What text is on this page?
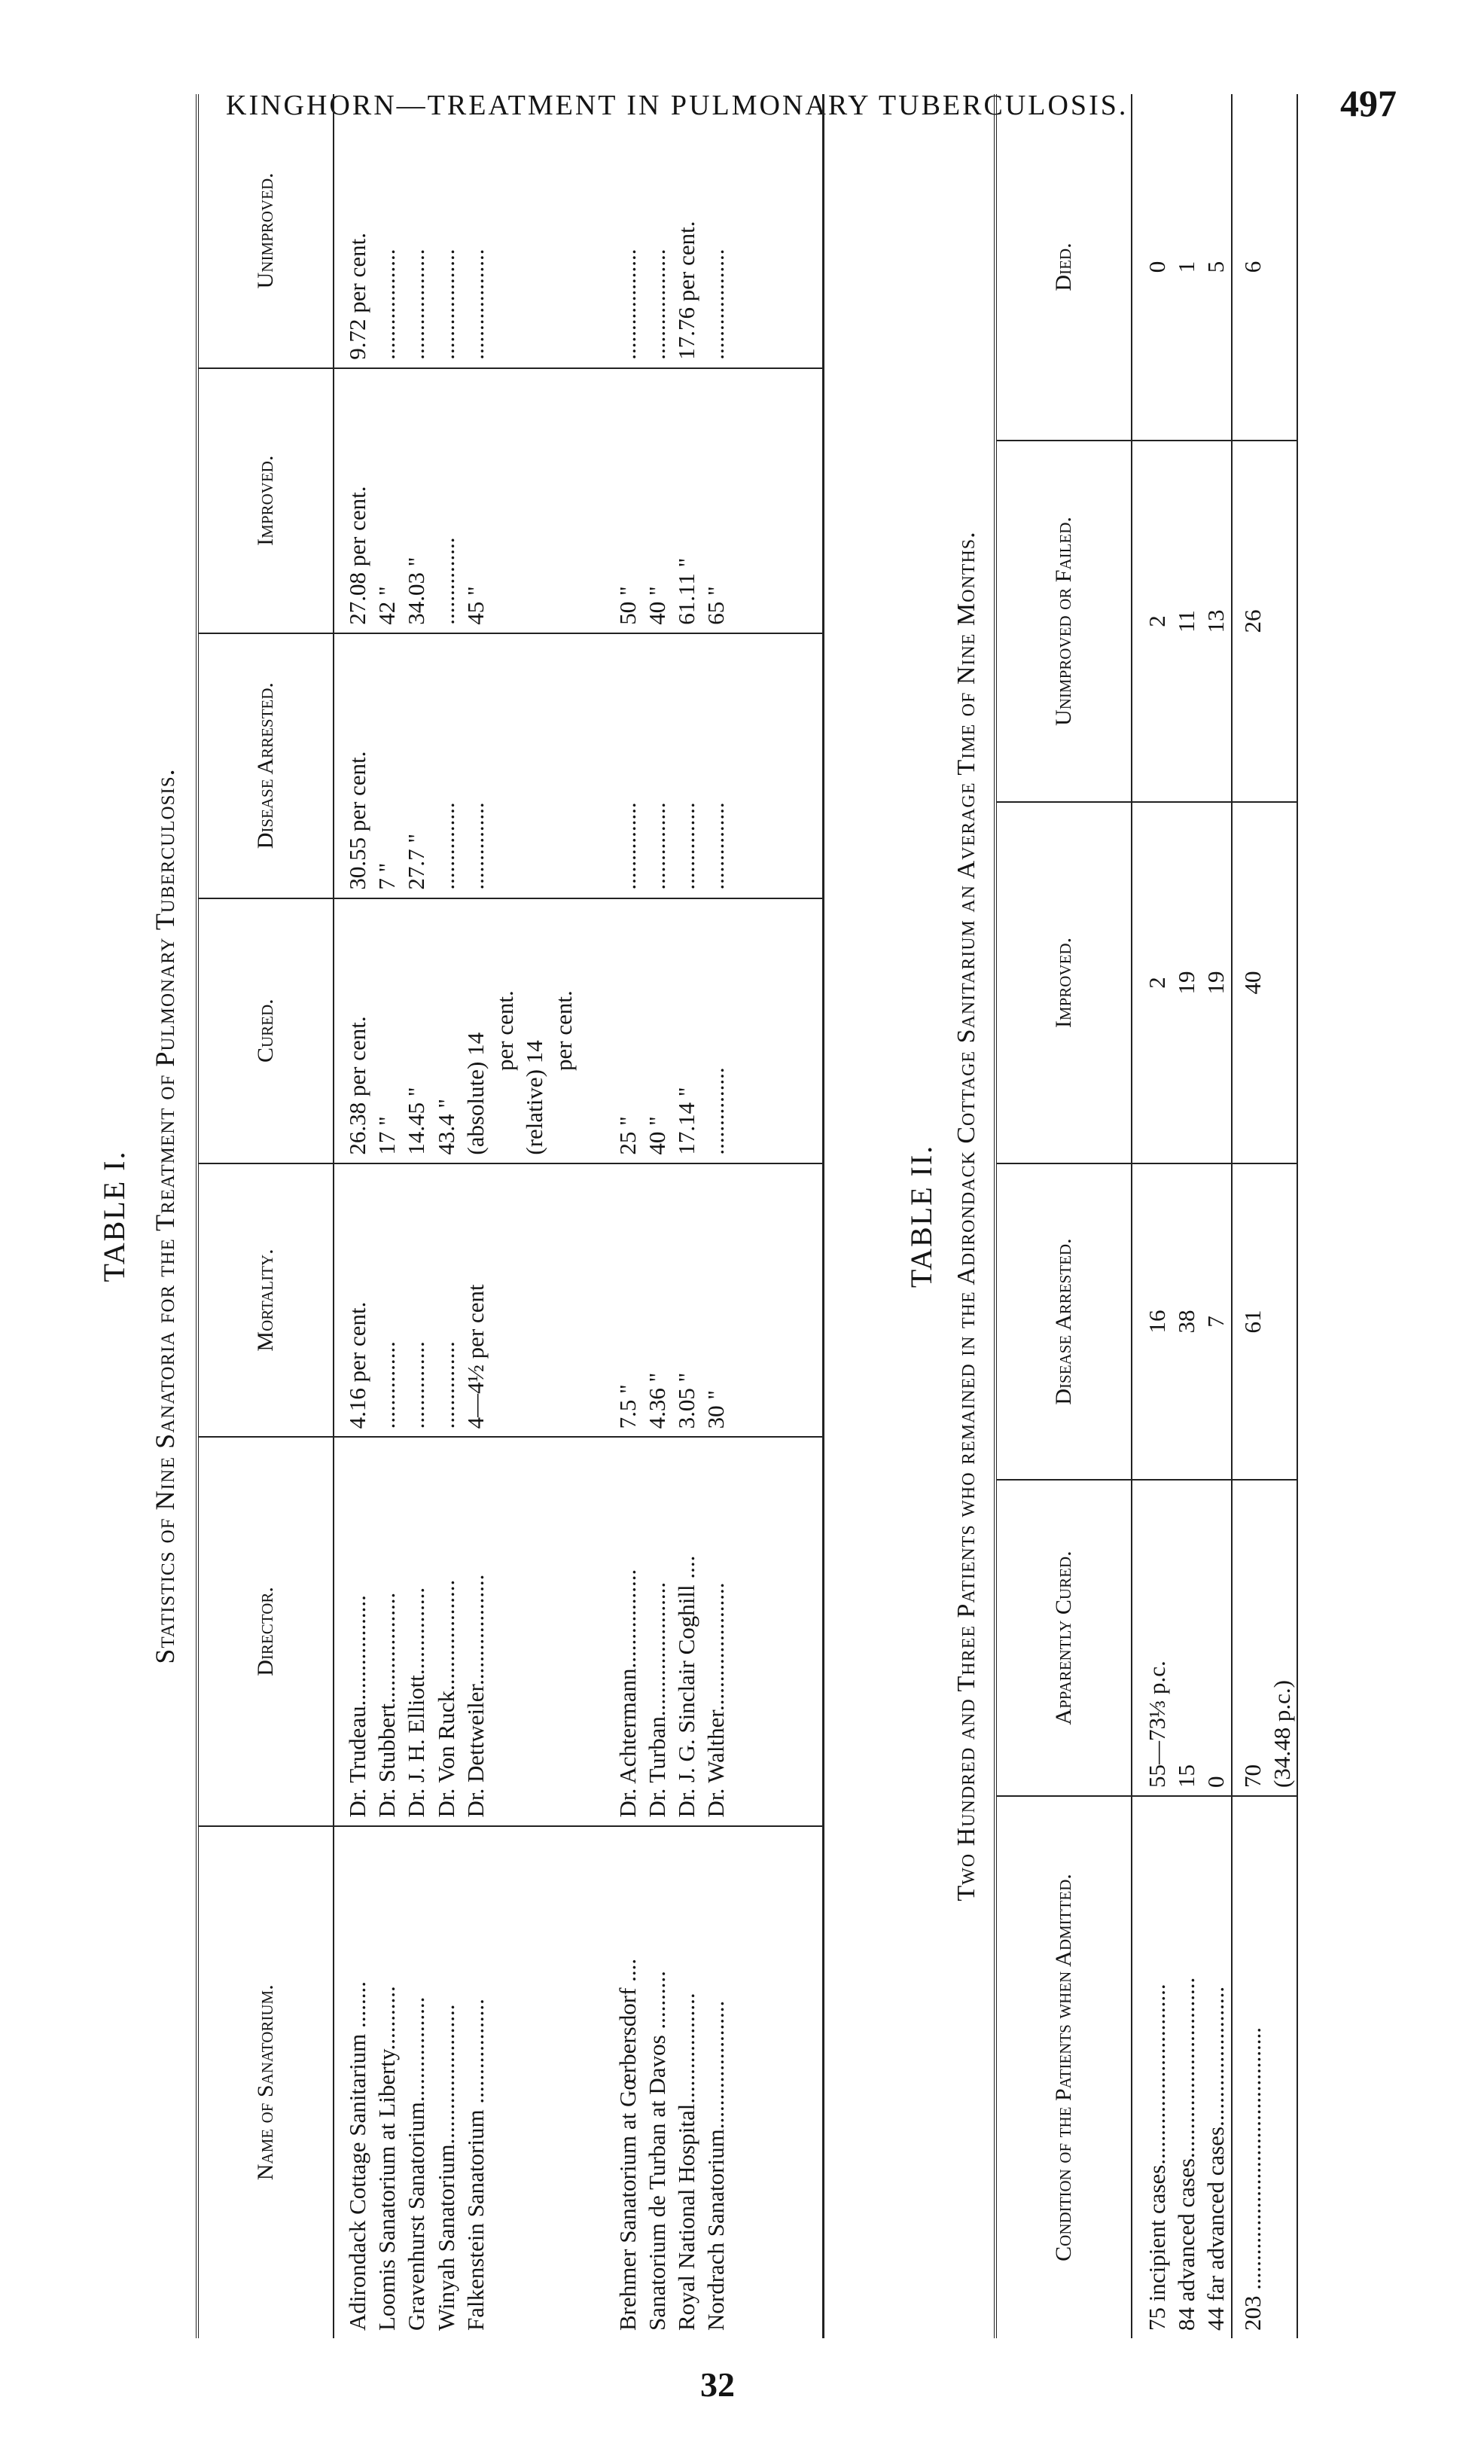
KINGHORN—TREATMENT IN PULMONARY TUBERCULOSIS.	497
TABLE I. Statistics of Nine Sanatoria for the Treatment of Pulmonary Tuberculosis.
Name of Sanatorium.	Director.	Mortality.	Cured.	Disease Arrested.	Improved.	Unimproved.
Adirondack Cottage Sanitarium ........	Dr. Trudeau...................	4.16 per cent.	26.38 per cent.	30.55 per cent.	27.08 per cent.	9.72 per cent.
Loomis Sanatorium at Liberty...........	Dr. Stubbert...................	...............	17 "	7 "	42 "	...................
Gravenhurst Sanatorium..................	Dr. J. H. Elliott...............	...............	14.45 "	27.7 "	34.03 "	...................
Winyah Sanatorium........................	Dr. Von Ruck...................	...............	43.4 "	...............	...............	...................
Falkenstein Sanatorium ..................	Dr. Dettweiler...................	4—4½ per cent	(absolute) 14	...............	45 "	...................
			per cent.			
			(relative) 14			
			per cent.			
Brehmer Sanatorium at Gœrbersdorf ....	Dr. Achtermann.................	7.5 "	25 "	...............	50 "	...................
Sanatorium de Turban at Davos ..........	Dr. Turban.......................	4.36 "	40 "	...............	40 "	...................
Royal National Hospital...................	Dr. J. G. Sinclair Coghill ....	3.05 "	17.14 "	...............	61.11 "	17.76 per cent.
Nordrach Sanatorium......................	Dr. Walther......................	30 "	...............	...............	65 "	...................

TABLE II. Two Hundred and Three Patients who remained in the Adirondack Cottage Sanitarium an Average Time of Nine Months.
Condition of the Patients when Admitted.	Apparently Cured.	Disease Arrested.	Improved.	Unimproved or Failed.	Died.
75 incipient cases...............................	55—73⅓ p.c.	16	2	2	0
84 advanced cases...............................	15	38	19	11	1
44 far advanced cases........................	0	7	19	13	5
203 .............................................	70	61	40	26	6
	(34.48 p.c.)				
32
